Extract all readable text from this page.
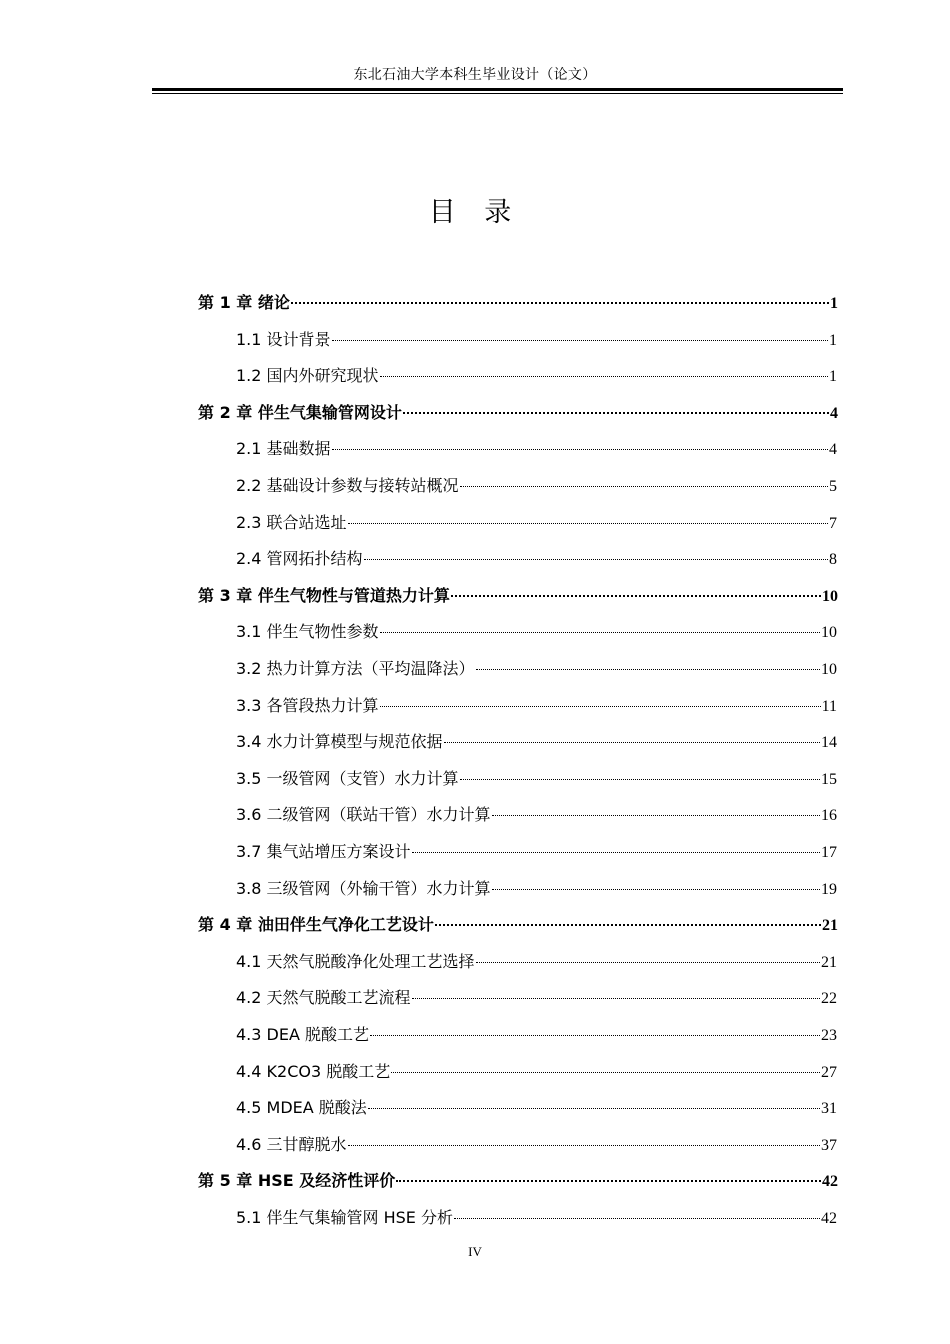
东北石油大学本科生毕业设计（论文）
目 录
第 1 章 绪论	1
1.1 设计背景	1
1.2 国内外研究现状	1
第 2 章 伴生气集输管网设计	4
2.1 基础数据	4
2.2 基础设计参数与接转站概况	5
2.3 联合站选址	7
2.4 管网拓扑结构	8
第 3 章 伴生气物性与管道热力计算	10
3.1 伴生气物性参数	10
3.2 热力计算方法（平均温降法）	10
3.3 各管段热力计算	11
3.4 水力计算模型与规范依据	14
3.5 一级管网（支管）水力计算	15
3.6 二级管网（联站干管）水力计算	16
3.7 集气站增压方案设计	17
3.8 三级管网（外输干管）水力计算	19
第 4 章 油田伴生气净化工艺设计	21
4.1 天然气脱酸净化处理工艺选择	21
4.2 天然气脱酸工艺流程	22
4.3 DEA 脱酸工艺	23
4.4 K2CO3 脱酸工艺	27
4.5 MDEA 脱酸法	31
4.6 三甘醇脱水	37
第 5 章 HSE 及经济性评价	42
5.1 伴生气集输管网 HSE 分析	42
IV
